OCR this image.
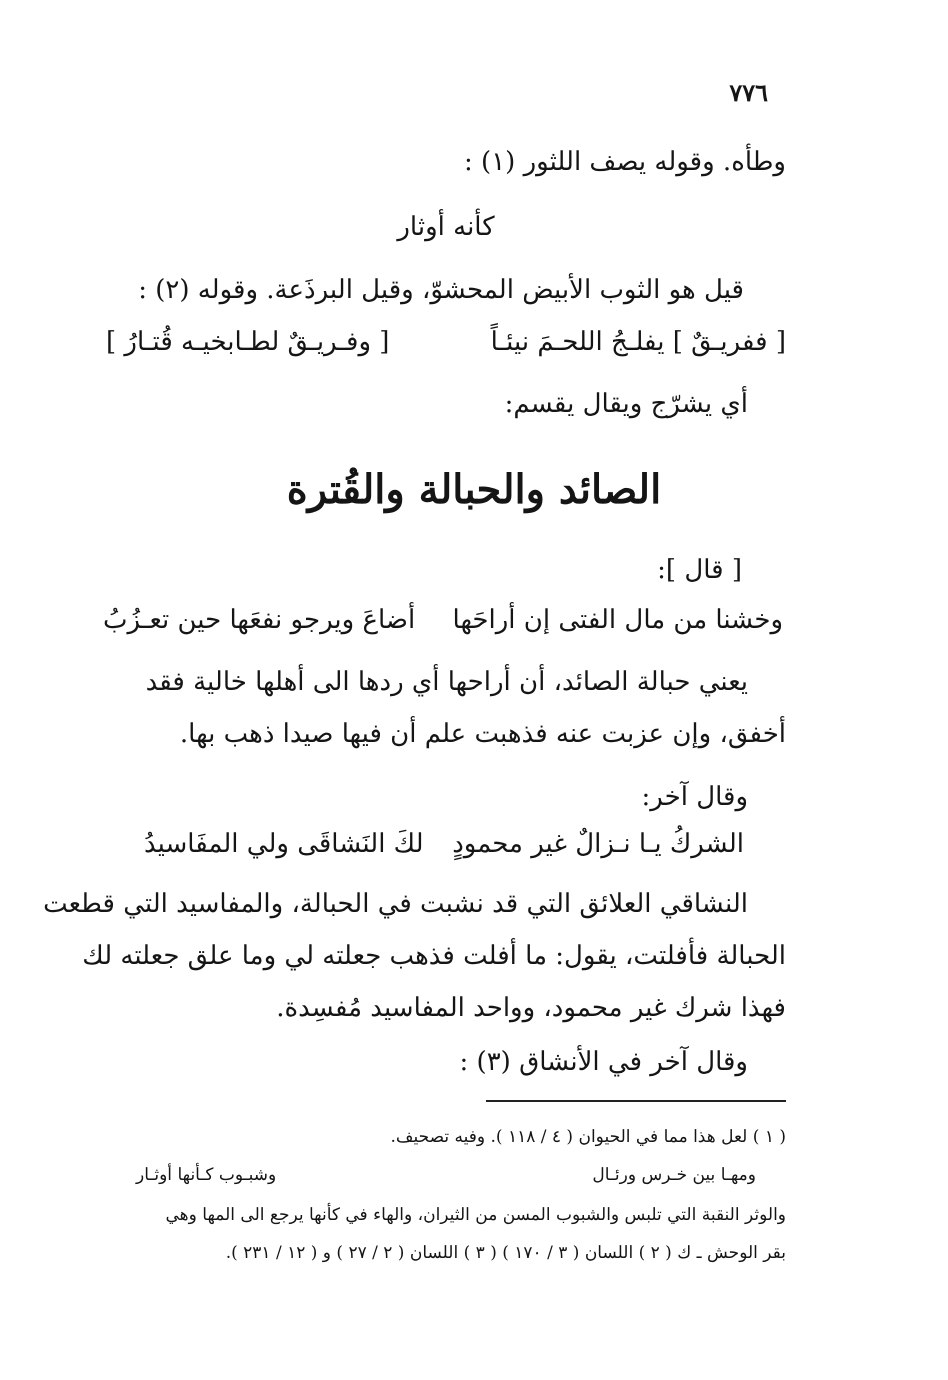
٧٧٦
وطأه. وقوله يصف اللثور (١) :
كأنه أوثار
قيل هو الثوب الأبيض المحشوّ، وقيل البرذَعة. وقوله (٢) :
[ ففريـقٌ ] يفلـجُ اللحـمَ نيئـاً
[ وفـريـقٌ لطـابخيـه قُتـارُ ]
أي يشرّج ويقال يقسم:
الصائد والحبالة والقُترة
[ قال ]:
وخشنا من مال الفتى إن أراحَها
أضاعَ ويرجو نفعَها حين تعـزُبُ
يعني حبالة الصائد، أن أراحها أي ردها الى أهلها خالية فقد
أخفق، وإن عزبت عنه فذهبت علم أن فيها صيدا ذهب بها.
وقال آخر:
الشركُ يـا نـزالٌ غير محمودٍ
لكَ النَشاقَى ولي المفَاسيدُ
النشاقي العلائق التي قد نشبت في الحبالة، والمفاسيد التي قطعت
الحبالة فأفلتت، يقول: ما أفلت فذهب جعلته لي وما علق جعلته لك
فهذا شرك غير محمود، وواحد المفاسيد مُفسِدة.
وقال آخر في الأنشاق (٣) :
( ١ ) لعل هذا مما في الحيوان ( ٤ / ١١٨ ). وفيه تصحيف.
ومهـا بين خـرس ورئـال
وشبـوب كـأنها أوثـار
والوثر النقبة التي تلبس والشبوب المسن من الثيران، والهاء في كأنها يرجع الى المها وهي
بقر الوحش ـ ك ( ٢ ) اللسان ( ٣ / ١٧٠ ) ( ٣ ) اللسان ( ٢ / ٢٧ ) و ( ١٢ / ٢٣١ ).
